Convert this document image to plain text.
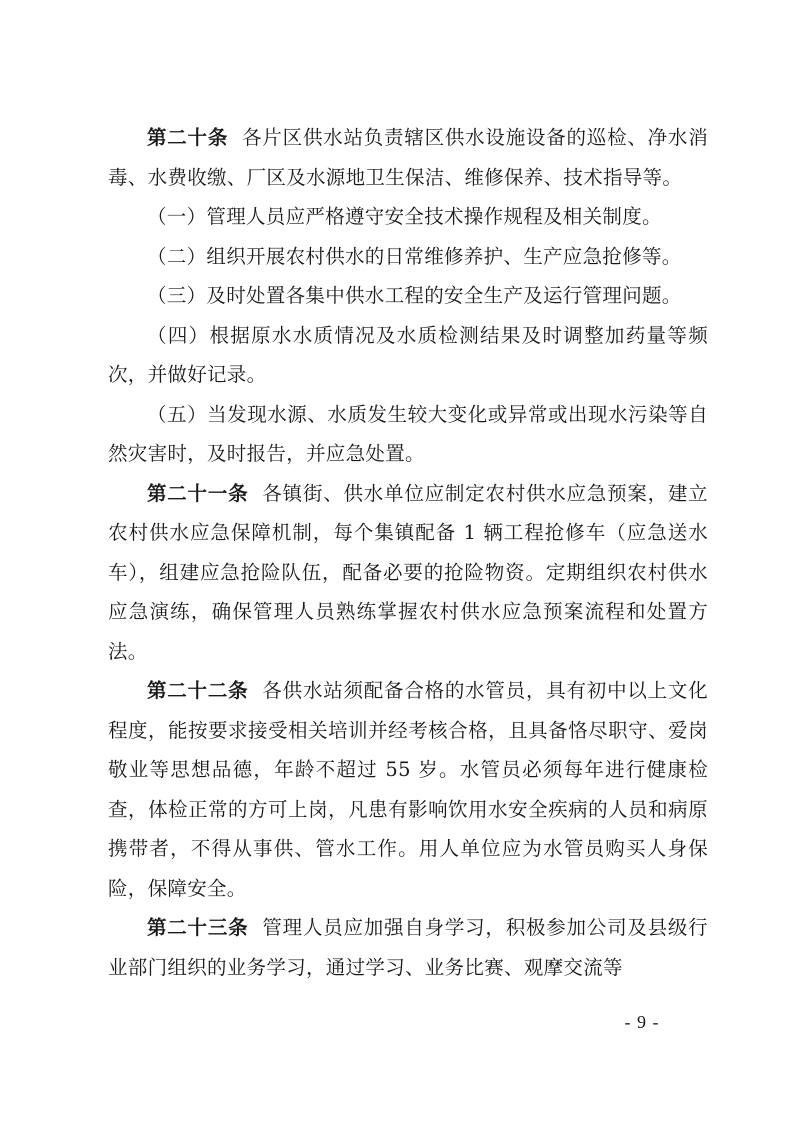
第二十条 各片区供水站负责辖区供水设施设备的巡检、净水消毒、水费收缴、厂区及水源地卫生保洁、维修保养、技术指导等。

（一）管理人员应严格遵守安全技术操作规程及相关制度。

（二）组织开展农村供水的日常维修养护、生产应急抢修等。

（三）及时处置各集中供水工程的安全生产及运行管理问题。

（四）根据原水水质情况及水质检测结果及时调整加药量等频次，并做好记录。

（五）当发现水源、水质发生较大变化或异常或出现水污染等自然灾害时，及时报告，并应急处置。

第二十一条 各镇街、供水单位应制定农村供水应急预案，建立农村供水应急保障机制，每个集镇配备 1 辆工程抢修车（应急送水车），组建应急抢险队伍，配备必要的抢险物资。定期组织农村供水应急演练，确保管理人员熟练掌握农村供水应急预案流程和处置方法。

第二十二条 各供水站须配备合格的水管员，具有初中以上文化程度，能按要求接受相关培训并经考核合格，且具备恪尽职守、爱岗敬业等思想品德，年龄不超过 55 岁。水管员必须每年进行健康检查，体检正常的方可上岗，凡患有影响饮用水安全疾病的人员和病原携带者，不得从事供、管水工作。用人单位应为水管员购买人身保险，保障安全。

第二十三条 管理人员应加强自身学习，积极参加公司及县级行业部门组织的业务学习，通过学习、业务比赛、观摩交流等

- 9 -
